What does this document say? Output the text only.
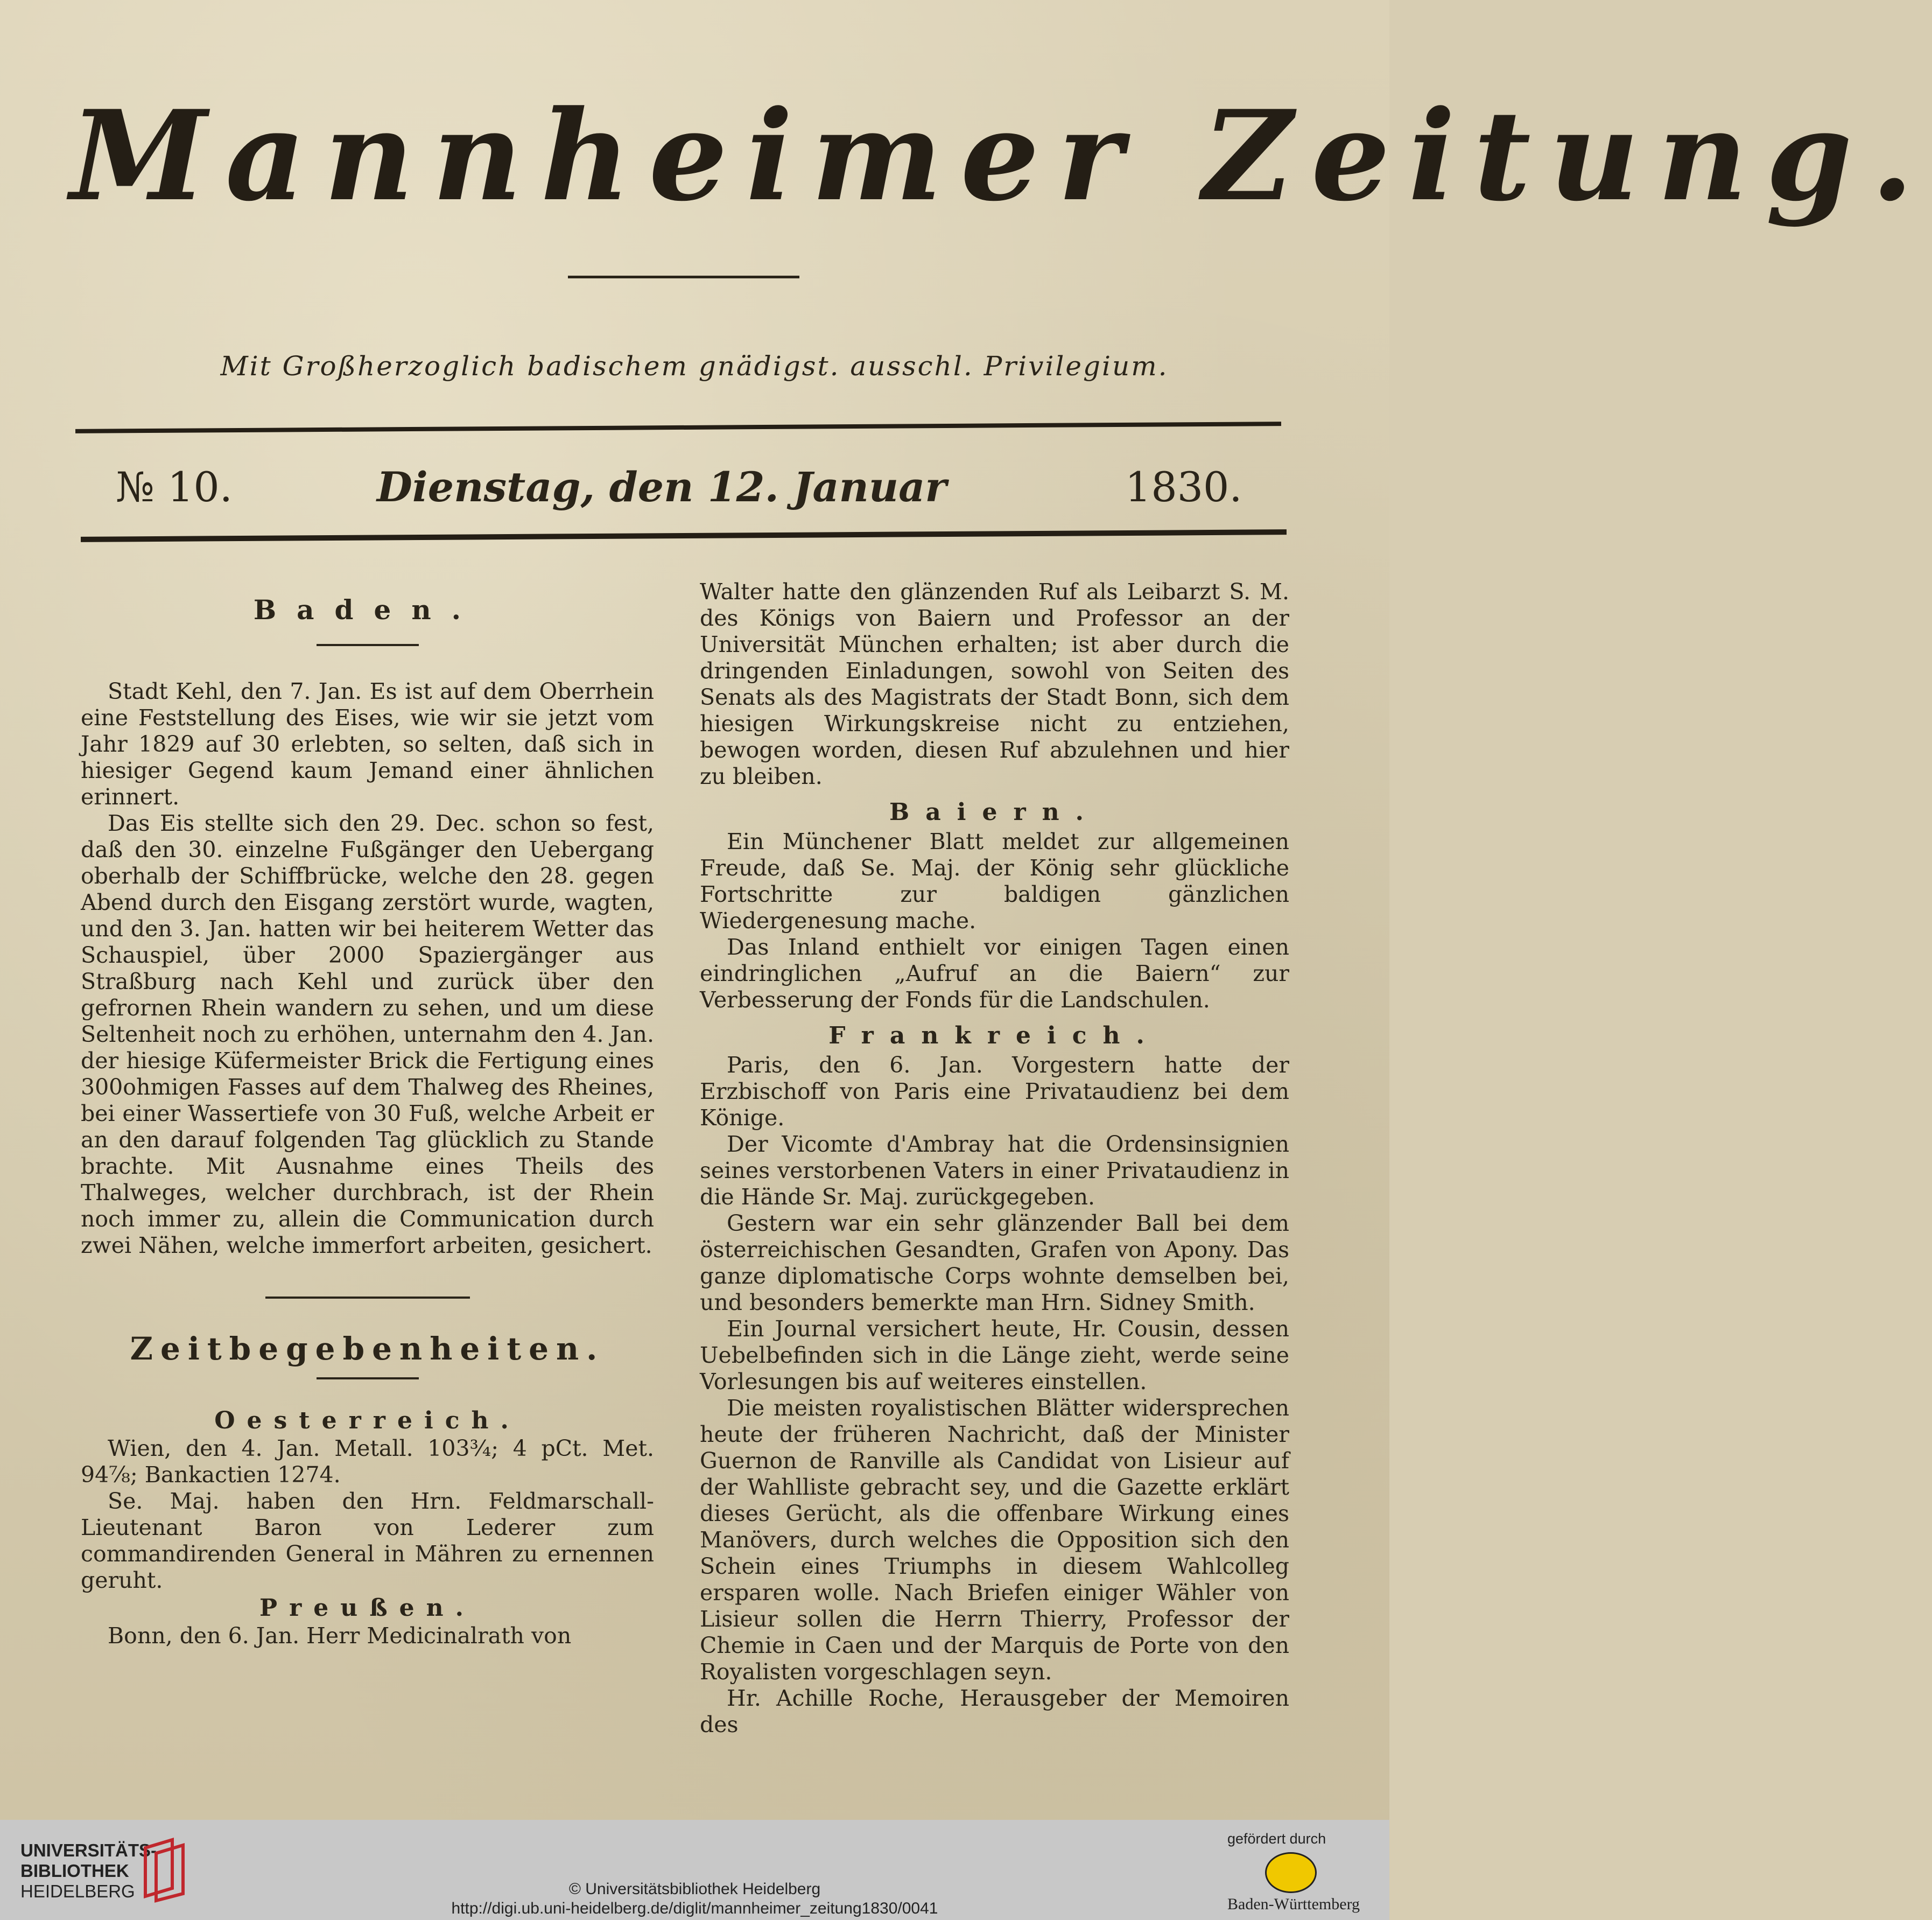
Mannheimer Zeitung.
Mit Großherzoglich badischem gnädigst. ausschl. Privilegium.
№ 10.	Dienstag, den 12. Januar	1830.
Baden.

Stadt Kehl, den 7. Jan. Es ist auf dem Oberrhein eine Feststellung des Eises, wie wir sie jetzt vom Jahr 1829 auf 30 erlebten, so selten, daß sich in hiesiger Gegend kaum Jemand einer ähnlichen erinnert.

Das Eis stellte sich den 29. Dec. schon so fest, daß den 30. einzelne Fußgänger den Uebergang oberhalb der Schiffbrücke, welche den 28. gegen Abend durch den Eisgang zerstört wurde, wagten, und den 3. Jan. hatten wir bei heiterem Wetter das Schauspiel, über 2000 Spaziergänger aus Straßburg nach Kehl und zurück über den gefrornen Rhein wandern zu sehen, und um diese Seltenheit noch zu erhöhen, unternahm den 4. Jan. der hiesige Küfermeister Brick die Fertigung eines 300ohmigen Fasses auf dem Thalweg des Rheines, bei einer Wassertiefe von 30 Fuß, welche Arbeit er an den darauf folgenden Tag glücklich zu Stande brachte. Mit Ausnahme eines Theils des Thalweges, welcher durchbrach, ist der Rhein noch immer zu, allein die Communication durch zwei Nähen, welche immerfort arbeiten, gesichert.

Zeitbegebenheiten.
Oesterreich.

Wien, den 4. Jan. Metall. 103¾; 4 pCt. Met. 94⅞; Bankactien 1274.

Se. Maj. haben den Hrn. Feldmarschall-Lieutenant Baron von Lederer zum commandirenden General in Mähren zu ernennen geruht.

Preußen.

Bonn, den 6. Jan. Herr Medicinalrath von

Walter hatte den glänzenden Ruf als Leibarzt S. M. des Königs von Baiern und Professor an der Universität München erhalten; ist aber durch die dringenden Einladungen, sowohl von Seiten des Senats als des Magistrats der Stadt Bonn, sich dem hiesigen Wirkungskreise nicht zu entziehen, bewogen worden, diesen Ruf abzulehnen und hier zu bleiben.

Baiern.

Ein Münchener Blatt meldet zur allgemeinen Freude, daß Se. Maj. der König sehr glückliche Fortschritte zur baldigen gänzlichen Wiedergenesung mache.

Das Inland enthielt vor einigen Tagen einen eindringlichen „Aufruf an die Baiern“ zur Verbesserung der Fonds für die Landschulen.

Frankreich.

Paris, den 6. Jan. Vorgestern hatte der Erzbischoff von Paris eine Privataudienz bei dem Könige.

Der Vicomte d'Ambray hat die Ordensinsignien seines verstorbenen Vaters in einer Privataudienz in die Hände Sr. Maj. zurückgegeben.

Gestern war ein sehr glänzender Ball bei dem österreichischen Gesandten, Grafen von Apony. Das ganze diplomatische Corps wohnte demselben bei, und besonders bemerkte man Hrn. Sidney Smith.

Ein Journal versichert heute, Hr. Cousin, dessen Uebelbefinden sich in die Länge zieht, werde seine Vorlesungen bis auf weiteres einstellen.

Die meisten royalistischen Blätter widersprechen heute der früheren Nachricht, daß der Minister Guernon de Ranville als Candidat von Lisieur auf der Wahlliste gebracht sey, und die Gazette erklärt dieses Gerücht, als die offenbare Wirkung eines Manövers, durch welches die Opposition sich den Schein eines Triumphs in diesem Wahlcolleg ersparen wolle. Nach Briefen einiger Wähler von Lisieur sollen die Herrn Thierry, Professor der Chemie in Caen und der Marquis de Porte von den Royalisten vorgeschlagen seyn.

Hr. Achille Roche, Herausgeber der Memoiren des

UNIVERSITÄTS-
BIBLIOTHEK
HEIDELBERG	© Universitätsbibliothek Heidelberg
http://digi.ub.uni-heidelberg.de/diglit/mannheimer_zeitung1830/0041
gefördert durch
Baden-Württemberg
